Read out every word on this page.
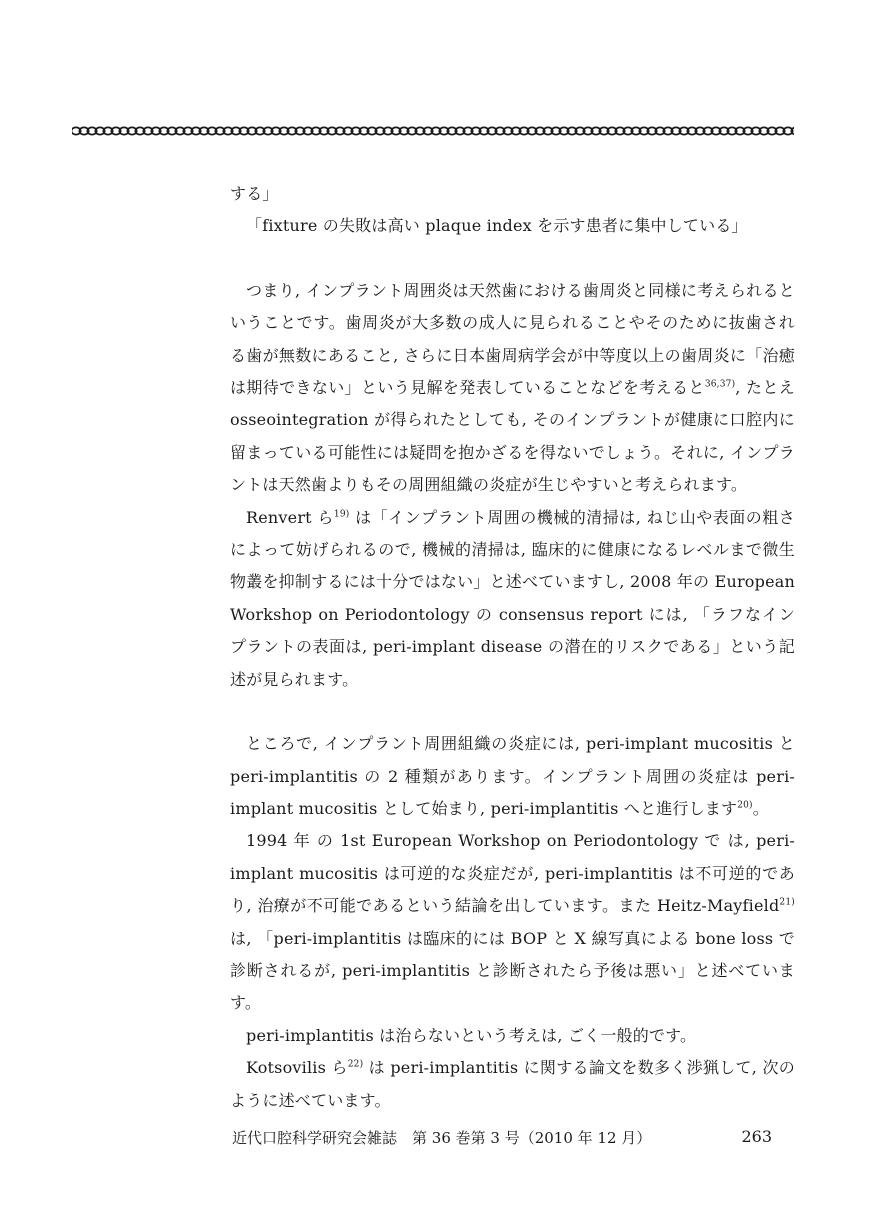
する」

「fixture の失敗は高い plaque index を示す患者に集中している」

つまり, インプラント周囲炎は天然歯における歯周炎と同様に考えられるということです。歯周炎が大多数の成人に見られることやそのために抜歯される歯が無数にあること, さらに日本歯周病学会が中等度以上の歯周炎に「治癒は期待できない」という見解を発表していることなどを考えると$^{36,37)}$, たとえ osseointegration が得られたとしても, そのインプラントが健康に口腔内に留まっている可能性には疑問を抱かざるを得ないでしょう。それに, インプラントは天然歯よりもその周囲組織の炎症が生じやすいと考えられます。

Renvert ら$^{19)}$ は「インプラント周囲の機械的清掃は, ねじ山や表面の粗さによって妨げられるので, 機械的清掃は, 臨床的に健康になるレベルまで微生物叢を抑制するには十分ではない」と述べていますし, 2008 年の European Workshop on Periodontology の consensus report には, 「ラフなインプラントの表面は, peri-implant disease の潜在的リスクである」という記述が見られます。

ところで, インプラント周囲組織の炎症には, peri-implant mucositis と peri-implantitis の 2 種類があります。インプラント周囲の炎症は peri-implant mucositis として始まり, peri-implantitis へと進行します$^{20)}$。

1994 年 の 1st European Workshop on Periodontology で は, peri-implant mucositis は可逆的な炎症だが, peri-implantitis は不可逆的であり, 治療が不可能であるという結論を出しています。また Heitz-Mayfield$^{21)}$ は, 「peri-implantitis は臨床的には BOP と X 線写真による bone loss で診断されるが, peri-implantitis と診断されたら予後は悪い」と述べています。

peri-implantitis は治らないという考えは, ごく一般的です。

Kotsovilis ら$^{22)}$ は peri-implantitis に関する論文を数多く渉猟して, 次のように述べています。

近代口腔科学研究会雑誌　第 36 巻第 3 号（2010 年 12 月）	263
